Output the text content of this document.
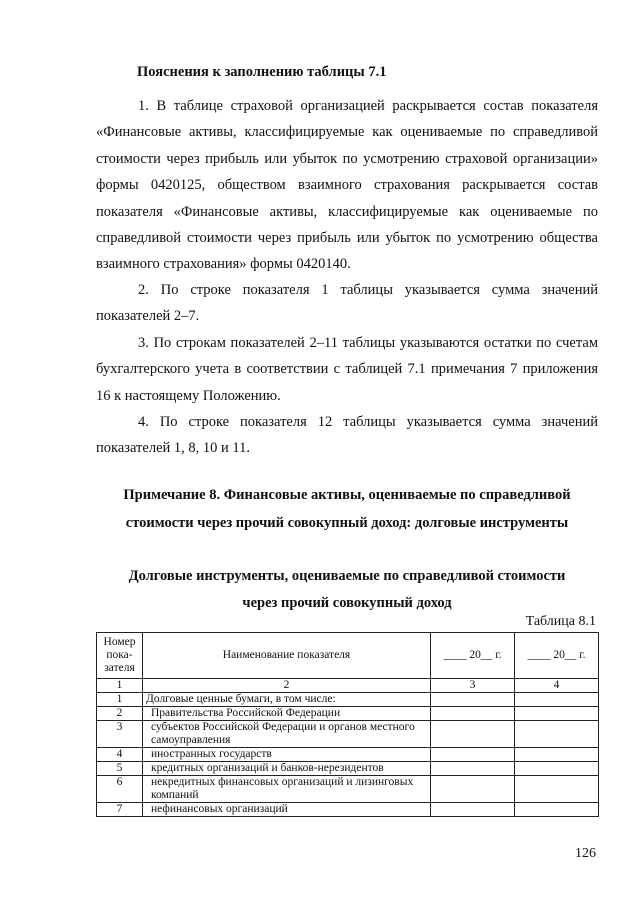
Пояснения к заполнению таблицы 7.1

1. В таблице страховой организацией раскрывается состав показателя «Финансовые активы, классифицируемые как оцениваемые по справедливой стоимости через прибыль или убыток по усмотрению страховой организации» формы 0420125, обществом взаимного страхования раскрывается состав показателя «Финансовые активы, классифицируемые как оцениваемые по справедливой стоимости через прибыль или убыток по усмотрению общества взаимного страхования» формы 0420140.

2. По строке показателя 1 таблицы указывается сумма значений показателей 2–7.

3. По строкам показателей 2–11 таблицы указываются остатки по счетам бухгалтерского учета в соответствии с таблицей 7.1 примечания 7 приложения 16 к настоящему Положению.

4. По строке показателя 12 таблицы указывается сумма значений показателей 1, 8, 10 и 11.

Примечание 8. Финансовые активы, оцениваемые по справедливой
стоимости через прочий совокупный доход: долговые инструменты
Долговые инструменты, оцениваемые по справедливой стоимости
через прочий совокупный доход
Таблица 8.1
Номер пока-зателя	Наименование показателя	____ 20__ г.	____ 20__ г.
1	2	3	4
1	Долговые ценные бумаги, в том числе:		
2	Правительства Российской Федерации		
3	субъектов Российской Федерации и органов местного самоуправления		
4	иностранных государств		
5	кредитных организаций и банков-нерезидентов		
6	некредитных финансовых организаций и лизинговых компаний		
7	нефинансовых организаций		
126
